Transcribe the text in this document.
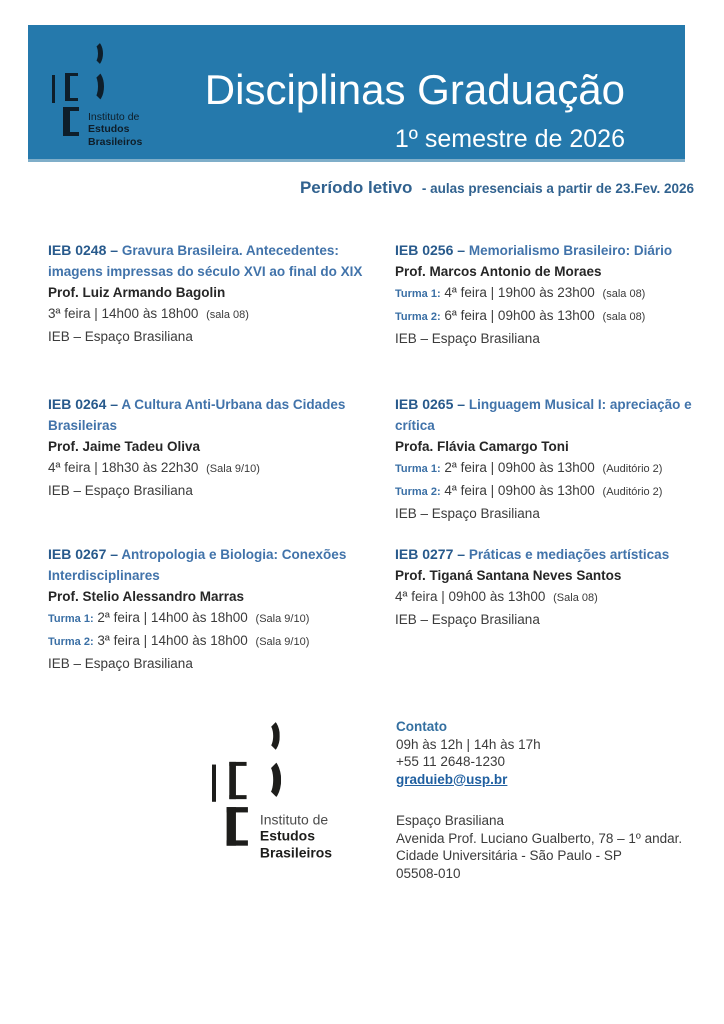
Disciplinas Graduação
1º semestre de 2026
Instituto de
Estudos
Brasileiros
Período letivo - aulas presenciais a partir de 23.Fev. 2026
IEB 0248 – Gravura Brasileira. Antecedentes: imagens impressas do século XVI ao final do XIX
Prof. Luiz Armando Bagolin
3ª feira | 14h00 às 18h00 (sala 08)
IEB – Espaço Brasiliana
IEB 0256 – Memorialismo Brasileiro: Diário
Prof. Marcos Antonio de Moraes
Turma 1: 4ª feira | 19h00 às 23h00 (sala 08)
Turma 2: 6ª feira | 09h00 às 13h00 (sala 08)
IEB – Espaço Brasiliana
IEB 0264 – A Cultura Anti-Urbana das Cidades Brasileiras
Prof. Jaime Tadeu Oliva
4ª feira | 18h30 às 22h30 (Sala 9/10)
IEB – Espaço Brasiliana
IEB 0265 – Linguagem Musical I: apreciação e crítica
Profa. Flávia Camargo Toni
Turma 1: 2ª feira | 09h00 às 13h00 (Auditório 2)
Turma 2: 4ª feira | 09h00 às 13h00 (Auditório 2)
IEB – Espaço Brasiliana
IEB 0267 – Antropologia e Biologia: Conexões Interdisciplinares
Prof. Stelio Alessandro Marras
Turma 1: 2ª feira | 14h00 às 18h00 (Sala 9/10)
Turma 2: 3ª feira | 14h00 às 18h00 (Sala 9/10)
IEB – Espaço Brasiliana
IEB 0277 – Práticas e mediações artísticas
Prof. Tiganá Santana Neves Santos
4ª feira | 09h00 às 13h00 (Sala 08)
IEB – Espaço Brasiliana
Instituto de
Estudos
Brasileiros
Contato
09h às 12h | 14h às 17h
+55 11 2648-1230
graduieb@usp.br
Espaço Brasiliana
Avenida Prof. Luciano Gualberto, 78 – 1º andar.
Cidade Universitária - São Paulo - SP
05508-010
